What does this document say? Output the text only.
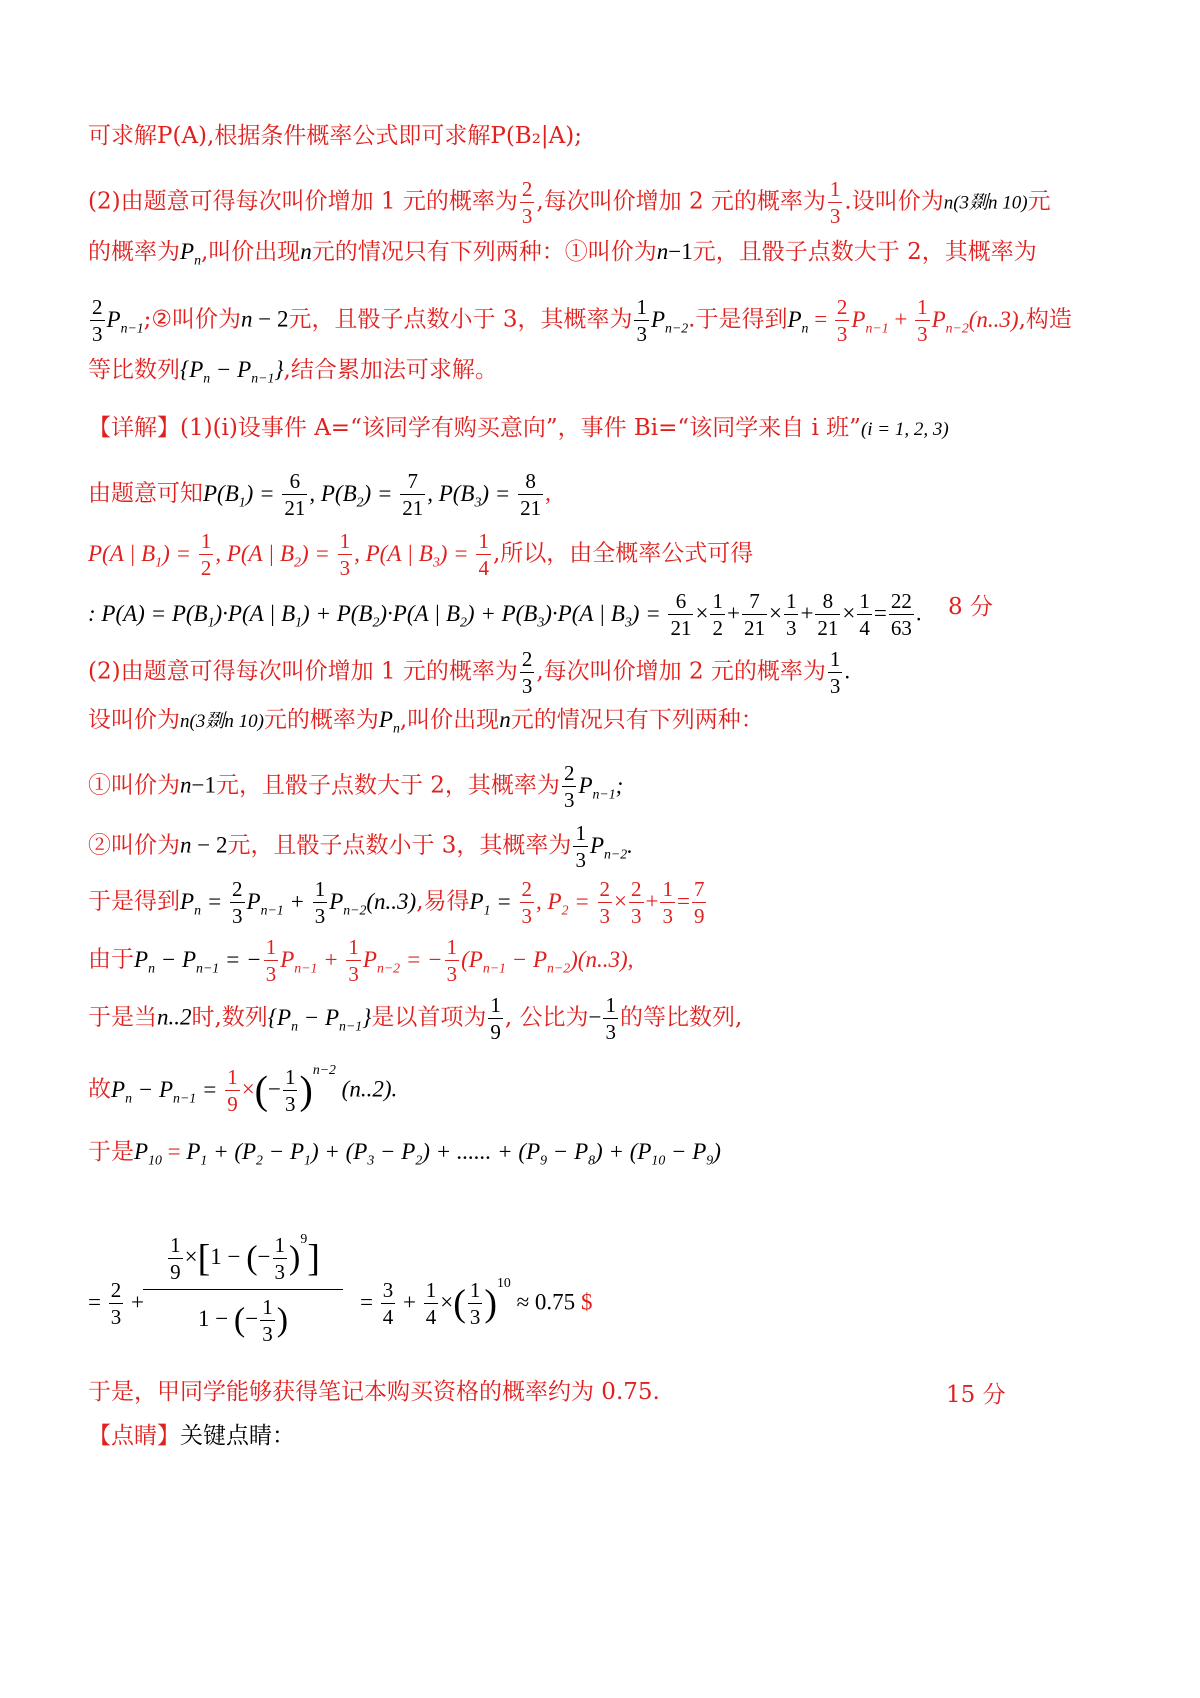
可求解P(A),根据条件概率公式即可求解P(B₂|A);
(2)由题意可得每次叫价增加 1 元的概率为 $\frac{2}{3}$ ,每次叫价增加 2 元的概率为 $\frac{1}{3}$ .设叫价为n(3剟n 10)元
的概率为$P_n$,叫价出现n元的情况只有下列两种：①叫价为n−1元，且骰子点数大于 2，其概率为
$\frac{2}{3}$ $P_{n-1};②$叫价为n − 2元，且骰子点数小于 3，其概率为 $\frac{1}{3} P_{n-2}$.于是得到$P_n = \frac{2}{3} P_{n-1} + \frac{1}{3} P_{n-2}(n..3)$,构造
等比数列$\{P_n - P_{n-1}\}$,结合累加法可求解。
【详解】(1)(i)设事件 A=“该同学有购买意向”，事件 Bi=“该同学来自 i 班”(i = 1, 2, 3)
由题意可知$P(B_1) = \frac{6}{21}$ , $P(B_2) = \frac{7}{21}$ , $P(B_3) = \frac{8}{21}$ ,
P(A | $B_1) = \frac{1}{2}$ , P(A | $B_2) = \frac{1}{3}$ , P(A | $B_3) = \frac{1}{4}$ ,所以，由全概率公式可得
: $P(A) = P(B_1)\cdot P(A$ | $B_1) + P(B_2)\cdot P(A$ | $B_2) + P(B_3)\cdot P(A$ | $B_3) = \frac{6}{21} \times \frac{1}{2} + \frac{7}{21} \times \frac{1}{3} + \frac{8}{21} \times \frac{1}{4} = \frac{22}{63}$ .	8 分
(2)由题意可得每次叫价增加 1 元的概率为 $\frac{2}{3}$ ,每次叫价增加 2 元的概率为 $\frac{1}{3}$ .
设叫价为n(3剟n 10)元的概率为$P_n$,叫价出现n元的情况只有下列两种：
①叫价为n−1元，且骰子点数大于 2，其概率为 $\frac{2}{3} P_{n-1}$;
②叫价为n − 2元，且骰子点数小于 3，其概率为 $\frac{1}{3} P_{n-2}$.
于是得到$P_n = \frac{2}{3} P_{n-1} + \frac{1}{3} P_{n-2}(n..3)$,易得$P_1 = \frac{2}{3}$ , $P_2 = \frac{2}{3} \times \frac{2}{3} + \frac{1}{3} = \frac{7}{9}$
由于$P_n - P_{n-1}$ = − $\frac{1}{3} P_{n-1} + \frac{1}{3} P_{n-2}$ = − $\frac{1}{3} (P_{n-1} - P_{n-2})(n..3)$,
于是当n..2时,数列$\{P_n - P_{n-1}\}$是以首项为 $\frac{1}{9}$ , 公比为− $\frac{1}{3}$ 的等比数列,
故$P_n - P_{n-1} = \frac{1}{9}$ ×(− $\frac{1}{3} )^{n-2}$ (n..2).
于是$P_{10} = P_1 + (P_2 - P_1) + (P_3 - P_2)$ + ...... + $(P_9 - P_8) + (P_{10} - P_9)$
= $\frac{2}{3}$ +
$\frac{1}{9} \times[1$ − (− $\frac{1}{3} )^9$]
1 − (− $\frac{1}{3}$ )	= $\frac{3}{4} + \frac{1}{4}$ ×( $\frac{1}{3} )^{10} \approx 0.75$ $
于是，甲同学能够获得笔记本购买资格的概率约为 0.75.	15 分
【点睛】关键点睛：
